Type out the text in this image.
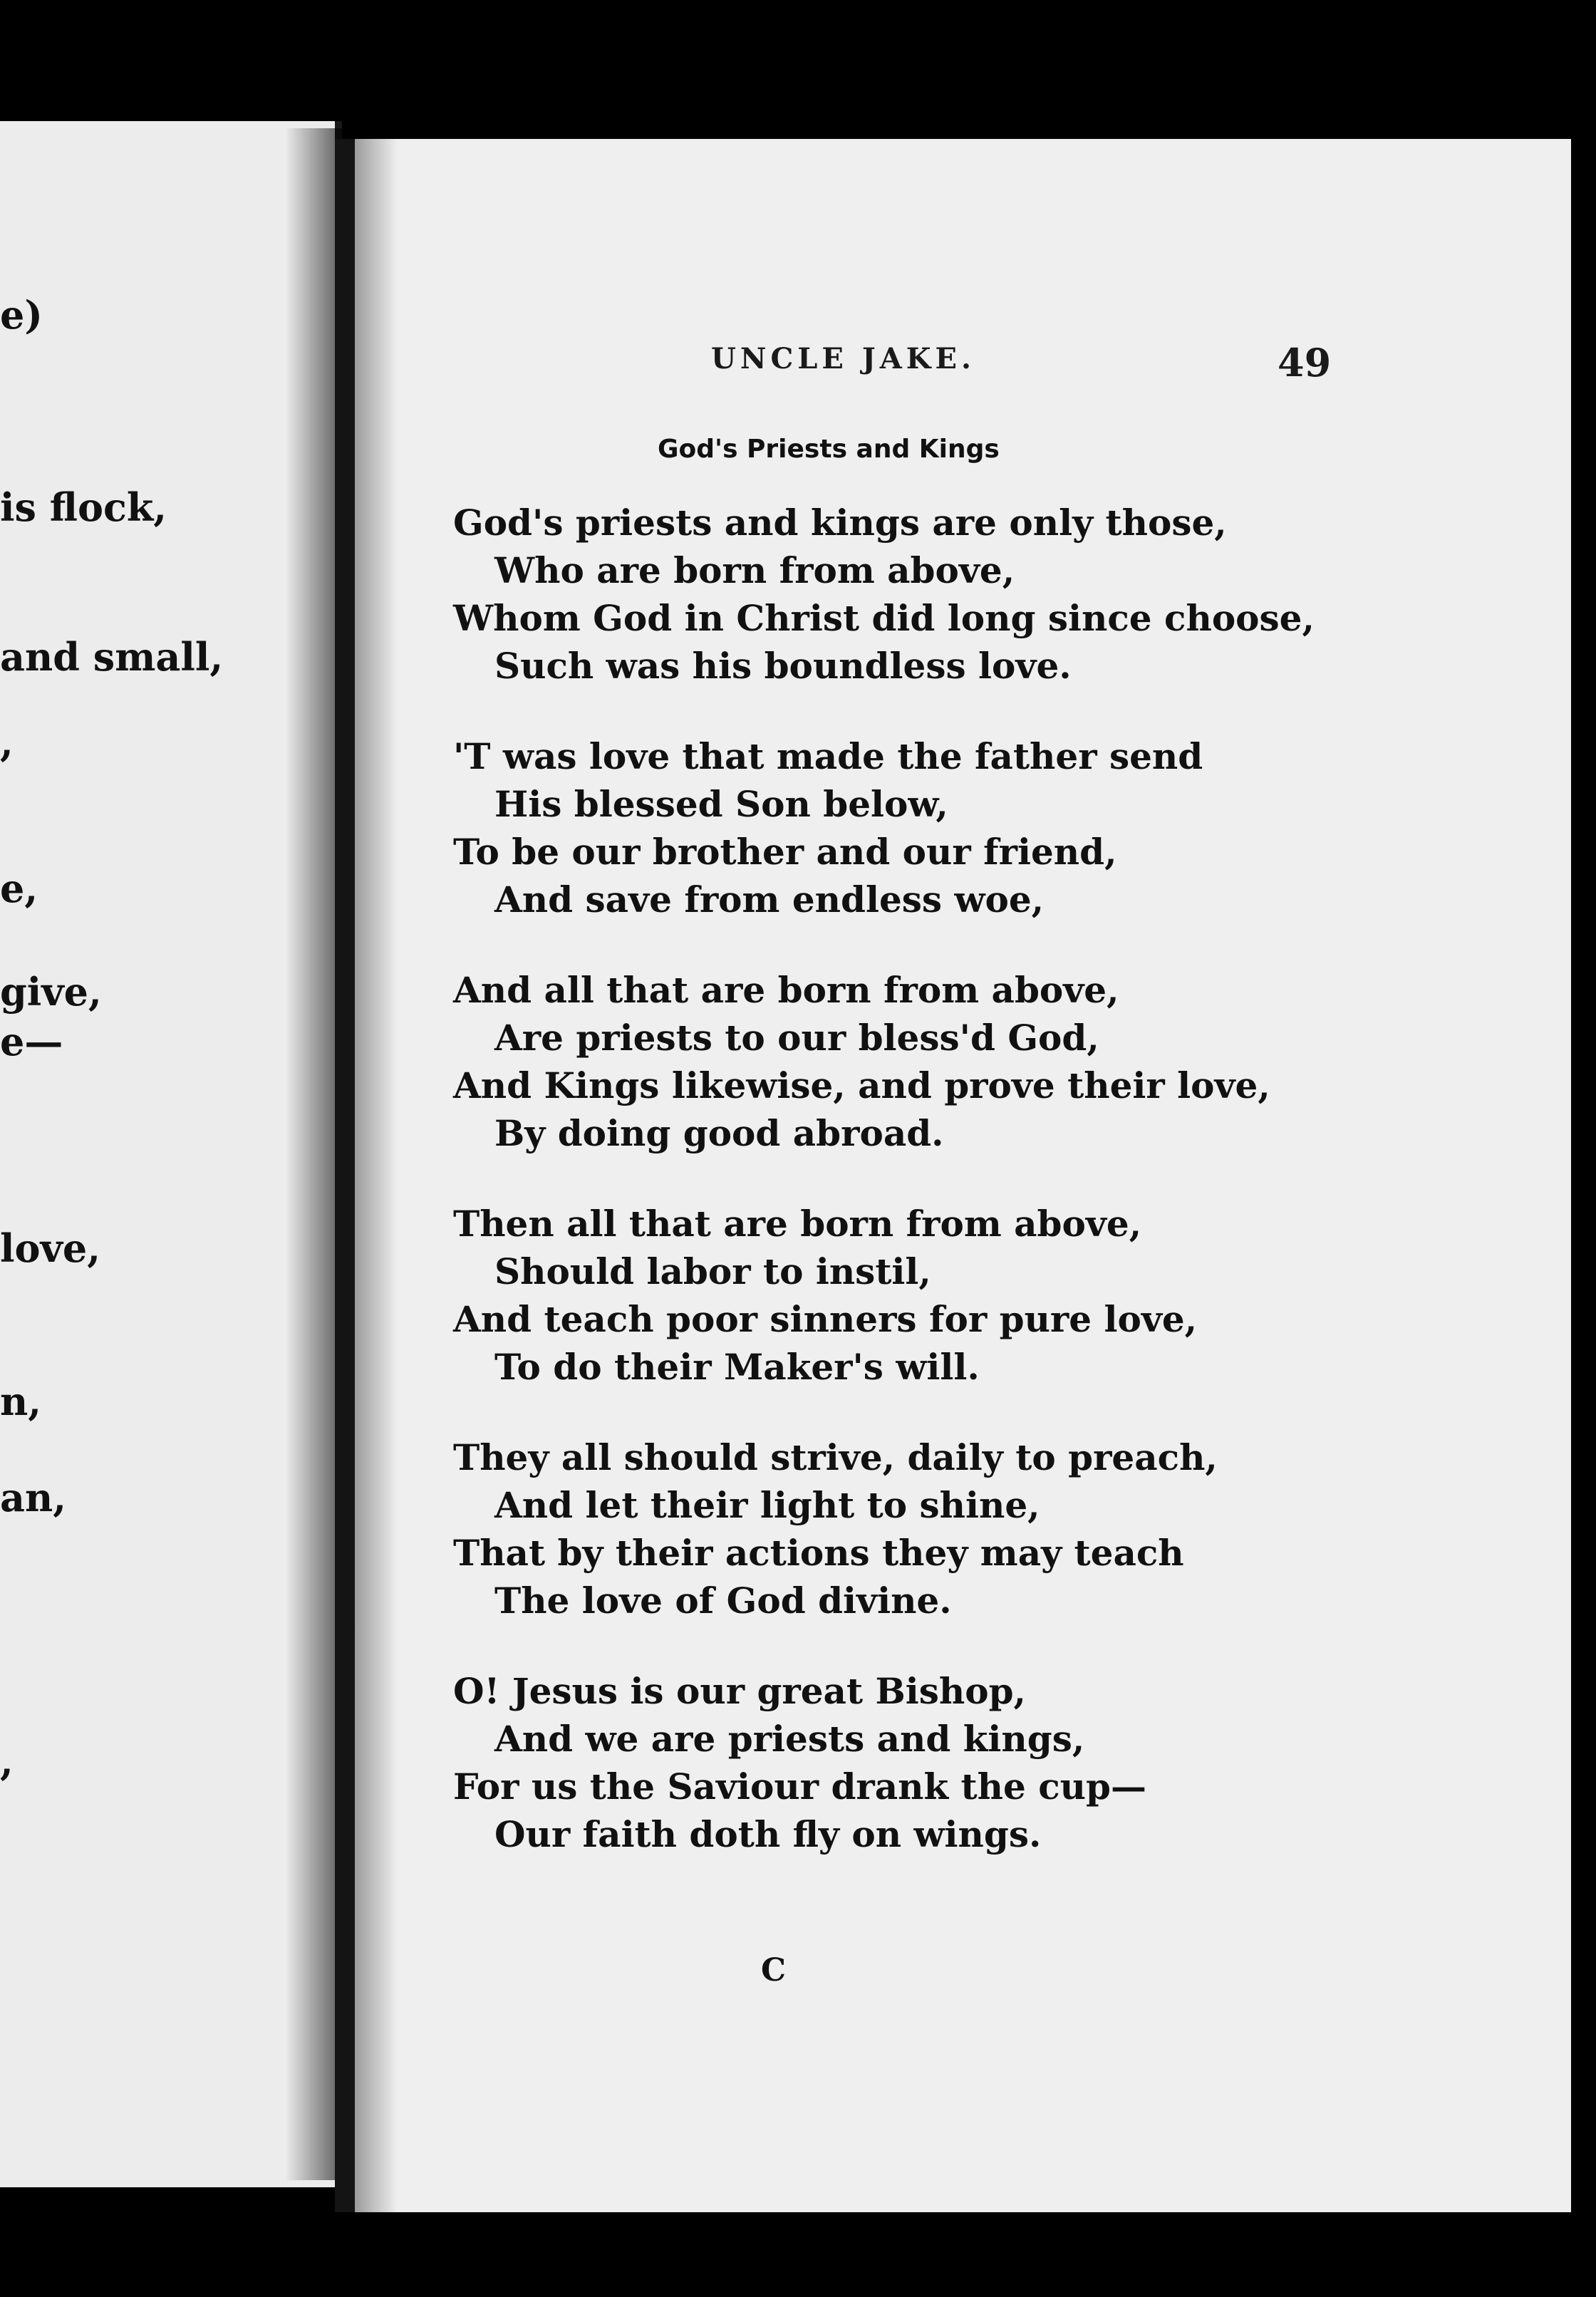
e)
is flock,
and small,
,
e,
give,
e—
love,
n,
an,
,
UNCLE JAKE.	49
God's Priests and Kings
God's priests and kings are only those,
Who are born from above,
Whom God in Christ did long since choose,
Such was his boundless love.
'T was love that made the father send
His blessed Son below,
To be our brother and our friend,
And save from endless woe,
And all that are born from above,
Are priests to our bless'd God,
And Kings likewise, and prove their love,
By doing good abroad.
Then all that are born from above,
Should labor to instil,
And teach poor sinners for pure love,
To do their Maker's will.
They all should strive, daily to preach,
And let their light to shine,
That by their actions they may teach
The love of God divine.
O! Jesus is our great Bishop,
And we are priests and kings,
For us the Saviour drank the cup—
Our faith doth fly on wings.
C
